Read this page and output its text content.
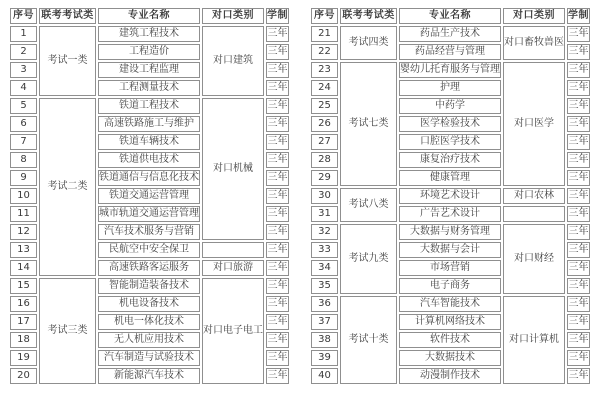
序号	联考考试类	专业名称	对口类别	学制
1	考试一类	建筑工程技术	对口建筑	三年
2		工程造价		三年
3		建设工程监理		三年
4		工程测量技术		三年
5	考试二类	铁道工程技术	对口机械	三年
6		高速铁路施工与维护		三年
7		铁道车辆技术		三年
8		铁道供电技术		三年
9		铁道通信与信息化技术		三年
10		铁道交通运营管理		三年
11		城市轨道交通运营管理		三年
12		汽车技术服务与营销		三年
13		民航空中安全保卫		三年
14		高速铁路客运服务	对口旅游	三年
15	考试三类	智能制造装备技术	对口电子电工	三年
16		机电设备技术		三年
17		机电一体化技术		三年
18		无人机应用技术		三年
19		汽车制造与试验技术		三年
20		新能源汽车技术		三年
序号	联考考试类	专业名称	对口类别	学制
21	考试四类	药品生产技术	对口畜牧兽医	三年
22		药品经营与管理		三年
23	考试七类	婴幼儿托育服务与管理	对口医学	三年
24		护理		三年
25		中药学		三年
26		医学检验技术		三年
27		口腔医学技术		三年
28		康复治疗技术		三年
29		健康管理		三年
30	考试八类	环境艺术设计	对口农林	三年
31		广告艺术设计		三年
32	考试九类	大数据与财务管理	对口财经	三年
33		大数据与会计		三年
34		市场营销		三年
35		电子商务		三年
36	考试十类	汽车智能技术	对口计算机	三年
37		计算机网络技术		三年
38		软件技术		三年
39		大数据技术		三年
40		动漫制作技术		三年
